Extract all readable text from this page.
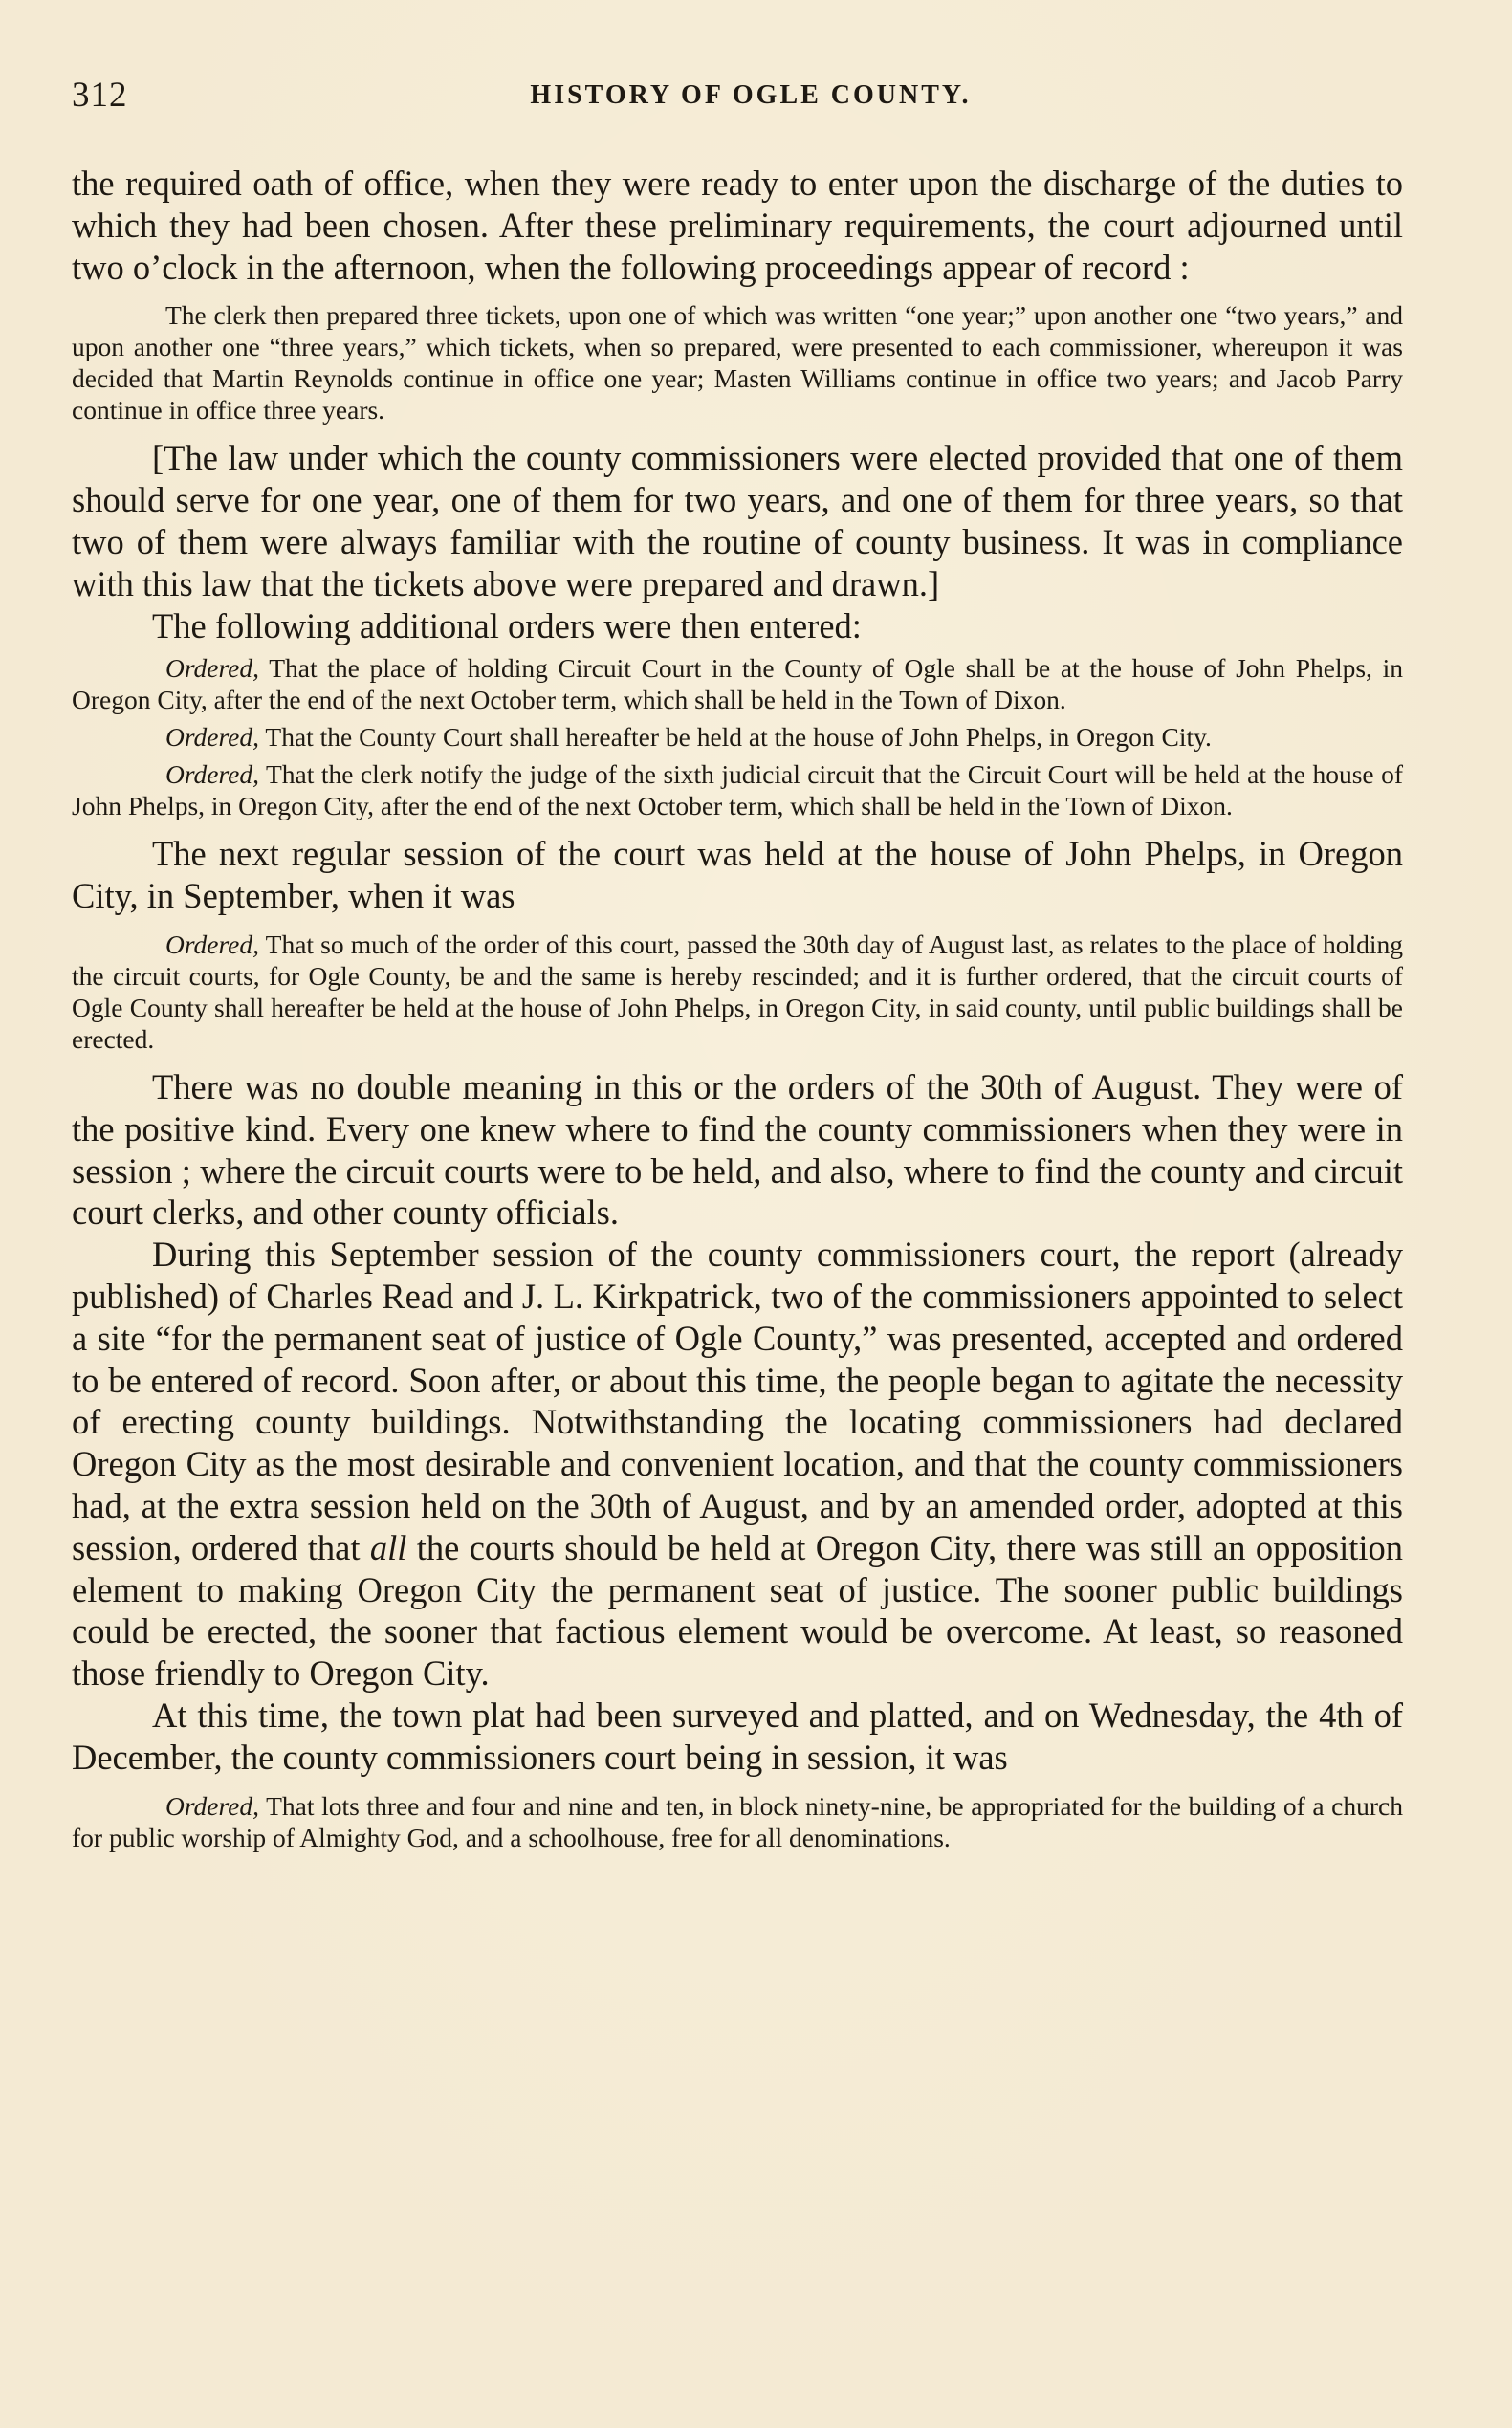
312	HISTORY OF OGLE COUNTY.

the required oath of office, when they were ready to enter upon the discharge of the duties to which they had been chosen. After these preliminary requirements, the court adjourned until two o’clock in the afternoon, when the following proceedings appear of record :

The clerk then prepared three tickets, upon one of which was written “one year;” upon another one “two years,” and upon another one “three years,” which tickets, when so prepared, were presented to each commissioner, whereupon it was decided that Martin Reynolds continue in office one year; Masten Williams continue in office two years; and Jacob Parry continue in office three years.

[The law under which the county commissioners were elected provided that one of them should serve for one year, one of them for two years, and one of them for three years, so that two of them were always familiar with the routine of county business. It was in compliance with this law that the tickets above were prepared and drawn.]

The following additional orders were then entered:

Ordered, That the place of holding Circuit Court in the County of Ogle shall be at the house of John Phelps, in Oregon City, after the end of the next October term, which shall be held in the Town of Dixon.

Ordered, That the County Court shall hereafter be held at the house of John Phelps, in Oregon City.

Ordered, That the clerk notify the judge of the sixth judicial circuit that the Circuit Court will be held at the house of John Phelps, in Oregon City, after the end of the next October term, which shall be held in the Town of Dixon.

The next regular session of the court was held at the house of John Phelps, in Oregon City, in September, when it was

Ordered, That so much of the order of this court, passed the 30th day of August last, as relates to the place of holding the circuit courts, for Ogle County, be and the same is hereby rescinded; and it is further ordered, that the circuit courts of Ogle County shall hereafter be held at the house of John Phelps, in Oregon City, in said county, until public buildings shall be erected.

There was no double meaning in this or the orders of the 30th of August. They were of the positive kind. Every one knew where to find the county commissioners when they were in session ; where the circuit courts were to be held, and also, where to find the county and circuit court clerks, and other county officials.

During this September session of the county commissioners court, the report (already published) of Charles Read and J. L. Kirkpatrick, two of the commissioners appointed to select a site “for the permanent seat of justice of Ogle County,” was presented, accepted and ordered to be entered of record. Soon after, or about this time, the people began to agitate the necessity of erecting county buildings. Notwithstanding the locating commissioners had declared Oregon City as the most desirable and convenient location, and that the county commissioners had, at the extra session held on the 30th of August, and by an amended order, adopted at this session, ordered that all the courts should be held at Oregon City, there was still an opposition element to making Oregon City the permanent seat of justice. The sooner public buildings could be erected, the sooner that factious element would be overcome. At least, so reasoned those friendly to Oregon City.

At this time, the town plat had been surveyed and platted, and on Wednesday, the 4th of December, the county commissioners court being in session, it was

Ordered, That lots three and four and nine and ten, in block ninety-nine, be appropriated for the building of a church for public worship of Almighty God, and a schoolhouse, free for all denominations.
